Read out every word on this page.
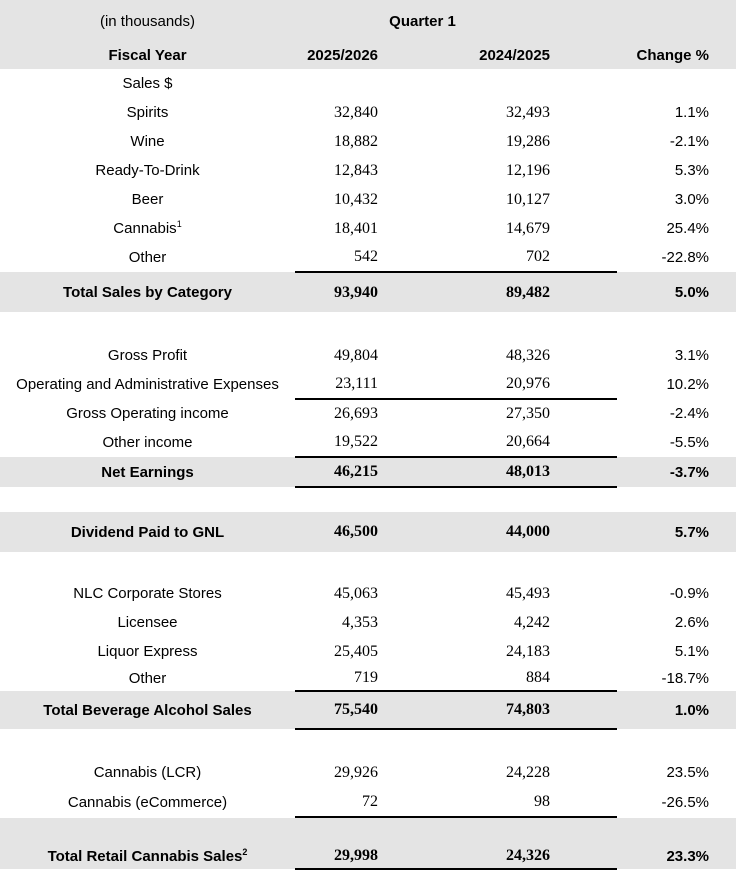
(in thousands)	Quarter 1		
Fiscal Year	2025/2026	2024/2025	Change %
Sales $			
Spirits	32,840	32,493	1.1%
Wine	18,882	19,286	-2.1%
Ready-To-Drink	12,843	12,196	5.3%
Beer	10,432	10,127	3.0%
Cannabis$^1$	18,401	14,679	25.4%
Other	542	702	-22.8%
Total Sales by Category	93,940	89,482	5.0%

Gross Profit	49,804	48,326	3.1%
Operating and Administrative Expenses	23,111	20,976	10.2%
Gross Operating income	26,693	27,350	-2.4%
Other income	19,522	20,664	-5.5%
Net Earnings	46,215	48,013	-3.7%

Dividend Paid to GNL	46,500	44,000	5.7%

NLC Corporate Stores	45,063	45,493	-0.9%
Licensee	4,353	4,242	2.6%
Liquor Express	25,405	24,183	5.1%
Other	719	884	-18.7%
Total Beverage Alcohol Sales	75,540	74,803	1.0%

Cannabis (LCR)	29,926	24,228	23.5%
Cannabis (eCommerce)	72	98	-26.5%

Total Retail Cannabis Sales$^2$	29,998	24,326	23.3%
